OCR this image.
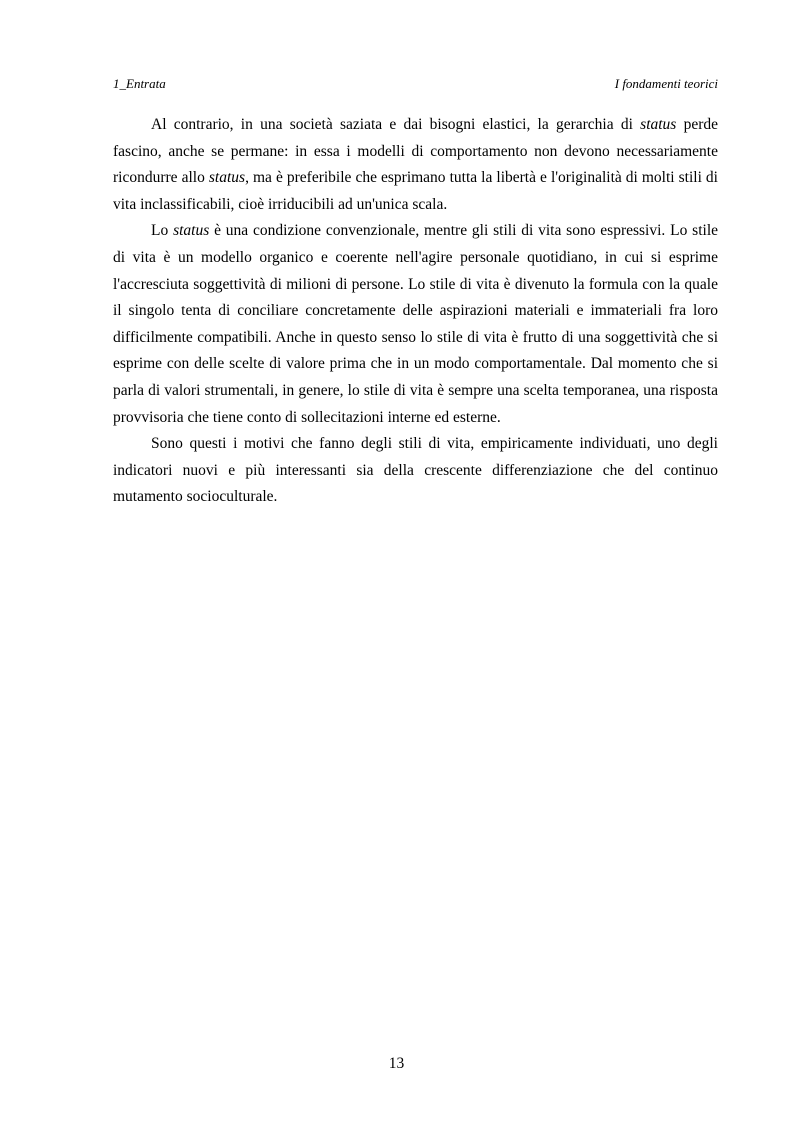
1_Entrata	I fondamenti teorici

Al contrario, in una società saziata e dai bisogni elastici, la gerarchia di status perde fascino, anche se permane: in essa i modelli di comportamento non devono necessariamente ricondurre allo status, ma è preferibile che esprimano tutta la libertà e l'originalità di molti stili di vita inclassificabili, cioè irriducibili ad un'unica scala.

Lo status è una condizione convenzionale, mentre gli stili di vita sono espressivi. Lo stile di vita è un modello organico e coerente nell'agire personale quotidiano, in cui si esprime l'accresciuta soggettività di milioni di persone. Lo stile di vita è divenuto la formula con la quale il singolo tenta di conciliare concretamente delle aspirazioni materiali e immateriali fra loro difficilmente compatibili. Anche in questo senso lo stile di vita è frutto di una soggettività che si esprime con delle scelte di valore prima che in un modo comportamentale. Dal momento che si parla di valori strumentali, in genere, lo stile di vita è sempre una scelta temporanea, una risposta provvisoria che tiene conto di sollecitazioni interne ed esterne.

Sono questi i motivi che fanno degli stili di vita, empiricamente individuati, uno degli indicatori nuovi e più interessanti sia della crescente differenziazione che del continuo mutamento socioculturale.

13
